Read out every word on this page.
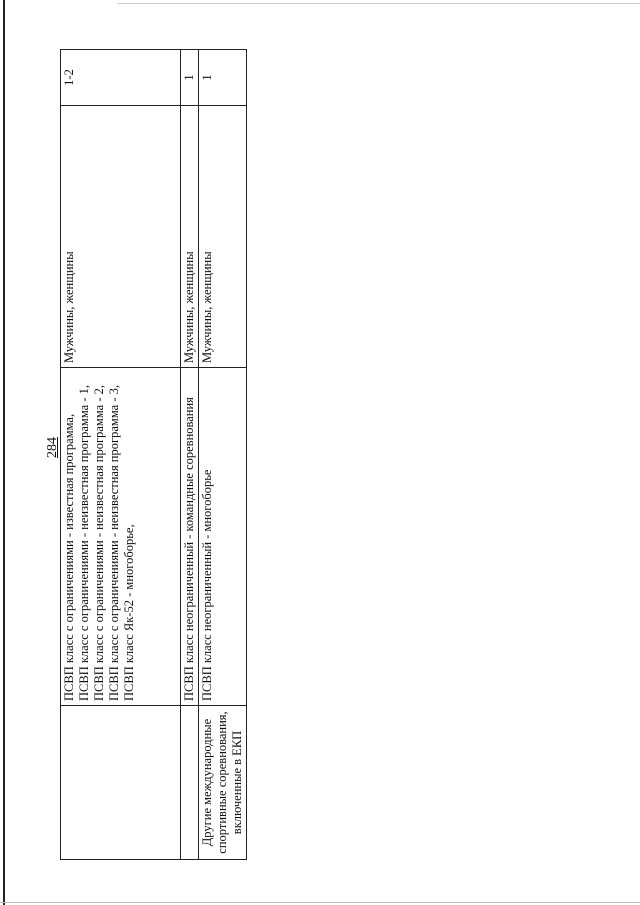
284

	ПСВП класс с ограничениями - известная программа, ПСВП класс с ограничениями - неизвестная программа - 1, ПСВП класс с ограничениями - неизвестная программа - 2, ПСВП класс с ограничениями - неизвестная программа - 3, ПСВП класс Як-52 - многоборье,	Мужчины, женщины	1-2
	ПСВП класс неограниченный - командные соревнования	Мужчины, женщины	1
Другие международные спортивные соревнования, включенные в ЕКП	ПСВП класс неограниченный - многоборье	Мужчины, женщины	1
